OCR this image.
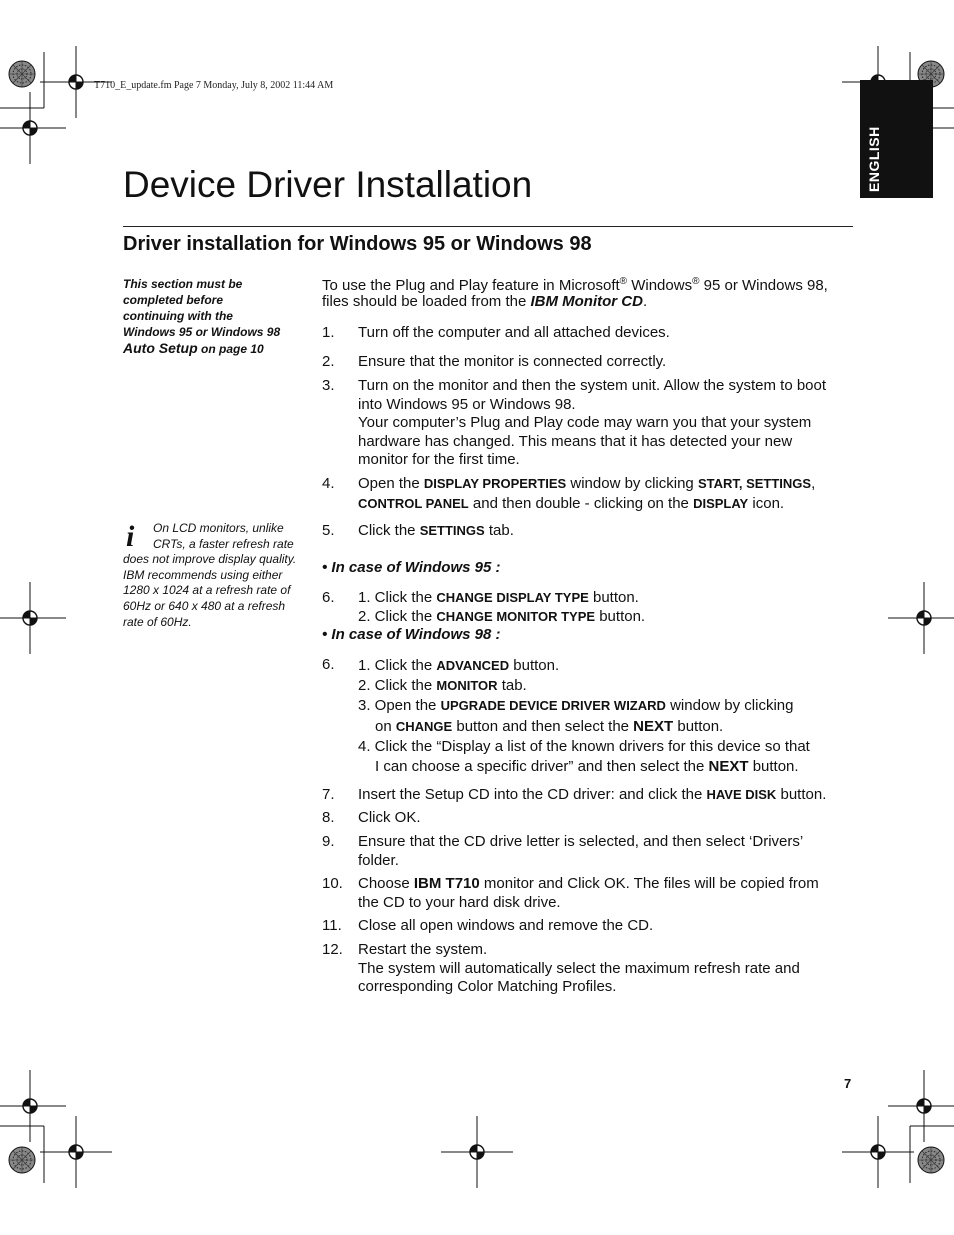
T710_E_update.fm Page 7 Monday, July 8, 2002 11:44 AM
ENGLISH
Device Driver Installation
Driver installation for Windows 95 or Windows 98
This section must be
completed before
continuing with the
Windows 95 or Windows 98
Auto Setup on page 10
i	On LCD monitors, unlike
CRTs, a faster refresh rate
does not improve display quality.
IBM recommends using either
1280 x 1024 at a refresh rate of
60Hz or 640 x 480 at a refresh
rate of 60Hz.
To use the Plug and Play feature in Microsoft® Windows® 95 or Windows 98,
files should be loaded from the IBM Monitor CD.
1. Turn off the computer and all attached devices.
2. Ensure that the monitor is connected correctly.
3. Turn on the monitor and then the system unit. Allow the system to boot
into Windows 95 or Windows 98.
Your computer’s Plug and Play code may warn you that your system
hardware has changed. This means that it has detected your new
monitor for the first time.
4. Open the DISPLAY PROPERTIES window by clicking START, SETTINGS,
CONTROL PANEL and then double - clicking on the DISPLAY icon.
5. Click the SETTINGS tab.
• In case of Windows 95 :
6. 1. Click the CHANGE DISPLAY TYPE button.
2. Click the CHANGE MONITOR TYPE button.
• In case of Windows 98 :
6. 1. Click the ADVANCED button.
2. Click the MONITOR tab.
3. Open the UPGRADE DEVICE DRIVER WIZARD window by clicking
on CHANGE button and then select the NEXT button.
4. Click the “Display a list of the known drivers for this device so that
I can choose a specific driver” and then select the NEXT button.
7. Insert the Setup CD into the CD driver: and click the HAVE DISK button.
8. Click OK.
9. Ensure that the CD drive letter is selected, and then select ‘Drivers’
folder.
10. Choose IBM T710 monitor and Click OK. The files will be copied from
the CD to your hard disk drive.
11. Close all open windows and remove the CD.
12. Restart the system.
The system will automatically select the maximum refresh rate and
corresponding Color Matching Profiles.
7
